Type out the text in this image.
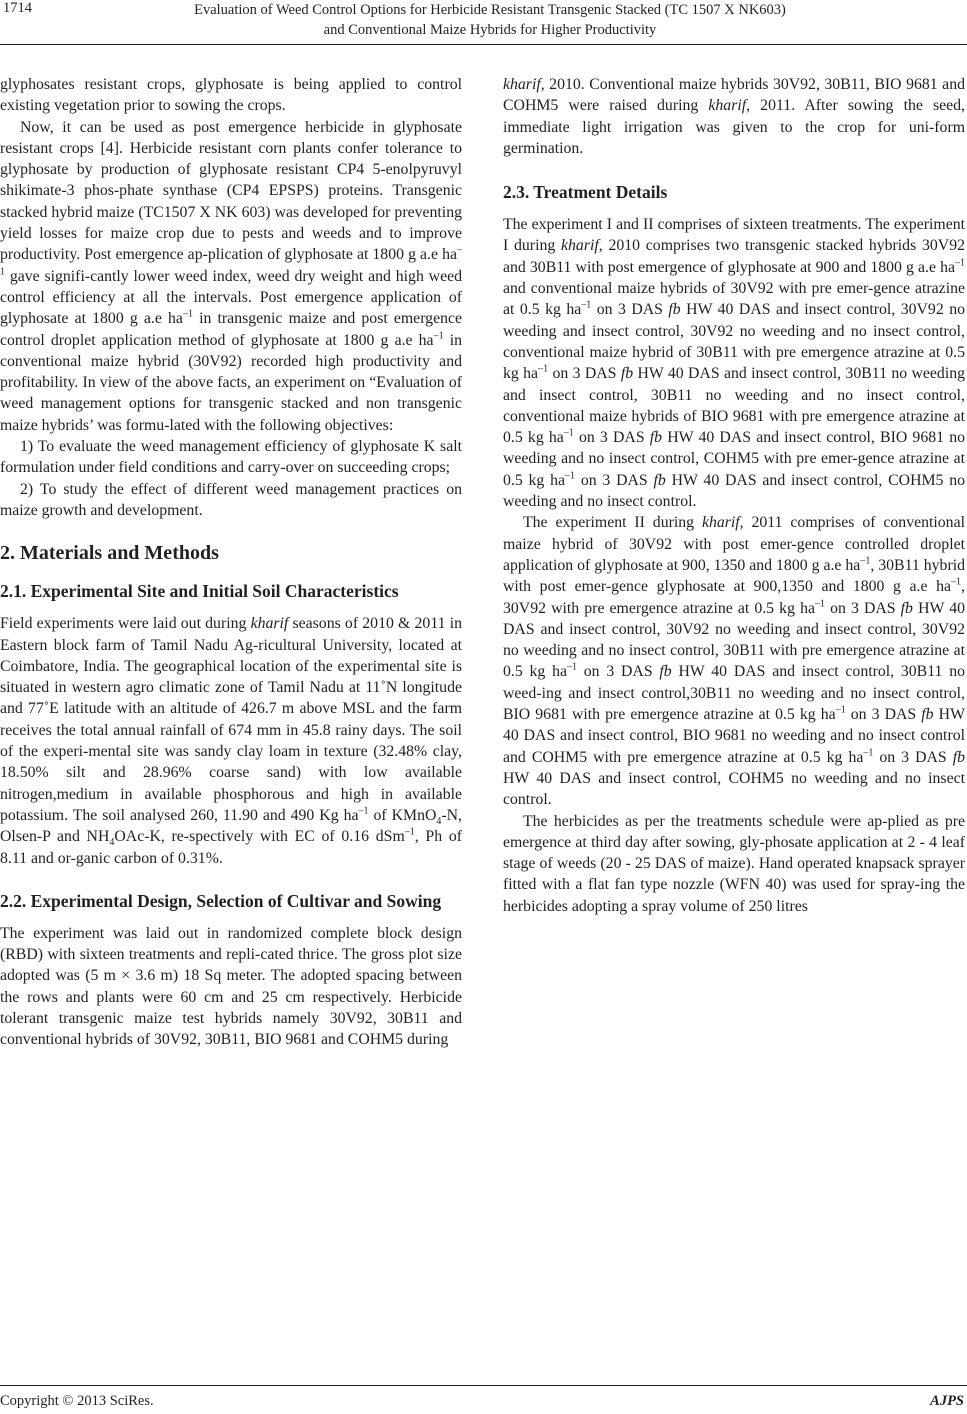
1714	Evaluation of Weed Control Options for Herbicide Resistant Transgenic Stacked (TC 1507 X NK603)
and Conventional Maize Hybrids for Higher Productivity

glyphosates resistant crops, glyphosate is being applied to control existing vegetation prior to sowing the crops.

Now, it can be used as post emergence herbicide in glyphosate resistant crops [4]. Herbicide resistant corn plants confer tolerance to glyphosate by production of glyphosate resistant CP4 5-enolpyruvyl shikimate-3 phos-phate synthase (CP4 EPSPS) proteins. Transgenic stacked hybrid maize (TC1507 X NK 603) was developed for preventing yield losses for maize crop due to pests and weeds and to improve productivity. Post emergence ap-plication of glyphosate at 1800 g a.e $ha^{-1}$ gave signifi-cantly lower weed index, weed dry weight and high weed control efficiency at all the intervals. Post emergence application of glyphosate at 1800 g a.e $ha^{-1}$ in transgenic maize and post emergence control droplet application method of glyphosate at 1800 g a.e $ha^{-1}$ in conventional maize hybrid (30V92) recorded high productivity and profitability. In view of the above facts, an experiment on “Evaluation of weed management options for transgenic stacked and non transgenic maize hybrids’ was formu-lated with the following objectives:

1) To evaluate the weed management efficiency of glyphosate K salt formulation under field conditions and carry-over on succeeding crops;

2) To study the effect of different weed management practices on maize growth and development.

2. Materials and Methods
2.1. Experimental Site and Initial Soil Characteristics

Field experiments were laid out during kharif seasons of 2010 & 2011 in Eastern block farm of Tamil Nadu Ag-ricultural University, located at Coimbatore, India. The geographical location of the experimental site is situated in western agro climatic zone of Tamil Nadu at 11˚N longitude and 77˚E latitude with an altitude of 426.7 m above MSL and the farm receives the total annual rainfall of 674 mm in 45.8 rainy days. The soil of the experi-mental site was sandy clay loam in texture (32.48% clay, 18.50% silt and 28.96% coarse sand) with low available nitrogen,medium in available phosphorous and high in available potassium. The soil analysed 260, 11.90 and 490 Kg $ha^{-1}$ of KMnO$_4$-N, Olsen-P and $NH_4OAc-K$, re-spectively with EC of 0.16 dSm$^{-1}$, Ph of 8.11 and or-ganic carbon of 0.31%.

2.2. Experimental Design, Selection of Cultivar and Sowing

The experiment was laid out in randomized complete block design (RBD) with sixteen treatments and repli-cated thrice. The gross plot size adopted was (5 m × 3.6 m) 18 Sq meter. The adopted spacing between the rows and plants were 60 cm and 25 cm respectively. Herbicide tolerant transgenic maize test hybrids namely 30V92, 30B11 and conventional hybrids of 30V92, 30B11, BIO 9681 and COHM5 during

kharif, 2010. Conventional maize hybrids 30V92, 30B11, BIO 9681 and COHM5 were raised during kharif, 2011. After sowing the seed, immediate light irrigation was given to the crop for uni-form germination.

2.3. Treatment Details

The experiment I and II comprises of sixteen treatments. The experiment I during kharif, 2010 comprises two transgenic stacked hybrids 30V92 and 30B11 with post emergence of glyphosate at 900 and 1800 g a.e $ha^{-1}$ and conventional maize hybrids of 30V92 with pre emer-gence atrazine at 0.5 kg $ha^{-1}$ on 3 DAS fb HW 40 DAS and insect control, 30V92 no weeding and insect control, 30V92 no weeding and no insect control, conventional maize hybrid of 30B11 with pre emergence atrazine at 0.5 kg $ha^{-1}$ on 3 DAS fb HW 40 DAS and insect control, 30B11 no weeding and insect control, 30B11 no weeding and no insect control, conventional maize hybrids of BIO 9681 with pre emergence atrazine at 0.5 kg $ha^{-1}$ on 3 DAS fb HW 40 DAS and insect control, BIO 9681 no weeding and no insect control, COHM5 with pre emer-gence atrazine at 0.5 kg $ha^{-1}$ on 3 DAS fb HW 40 DAS and insect control, COHM5 no weeding and no insect control.

The experiment II during kharif, 2011 comprises of conventional maize hybrid of 30V92 with post emer-gence controlled droplet application of glyphosate at 900, 1350 and 1800 g a.e $ha^{-1}$, 30B11 hybrid with post emer-gence glyphosate at 900,1350 and 1800 g a.e $ha^{-1}$, 30V92 with pre emergence atrazine at 0.5 kg $ha^{-1}$ on 3 DAS fb HW 40 DAS and insect control, 30V92 no weeding and insect control, 30V92 no weeding and no insect control, 30B11 with pre emergence atrazine at 0.5 kg $ha^{-1}$ on 3 DAS fb HW 40 DAS and insect control, 30B11 no weed-ing and insect control,30B11 no weeding and no insect control, BIO 9681 with pre emergence atrazine at 0.5 kg $ha^{-1}$ on 3 DAS fb HW 40 DAS and insect control, BIO 9681 no weeding and no insect control and COHM5 with pre emergence atrazine at 0.5 kg $ha^{-1}$ on 3 DAS fb HW 40 DAS and insect control, COHM5 no weeding and no insect control.

The herbicides as per the treatments schedule were ap-plied as pre emergence at third day after sowing, gly-phosate application at 2 - 4 leaf stage of weeds (20 - 25 DAS of maize). Hand operated knapsack sprayer fitted with a flat fan type nozzle (WFN 40) was used for spray-ing the herbicides adopting a spray volume of 250 litres

Copyright © 2013 SciRes.	AJPS
